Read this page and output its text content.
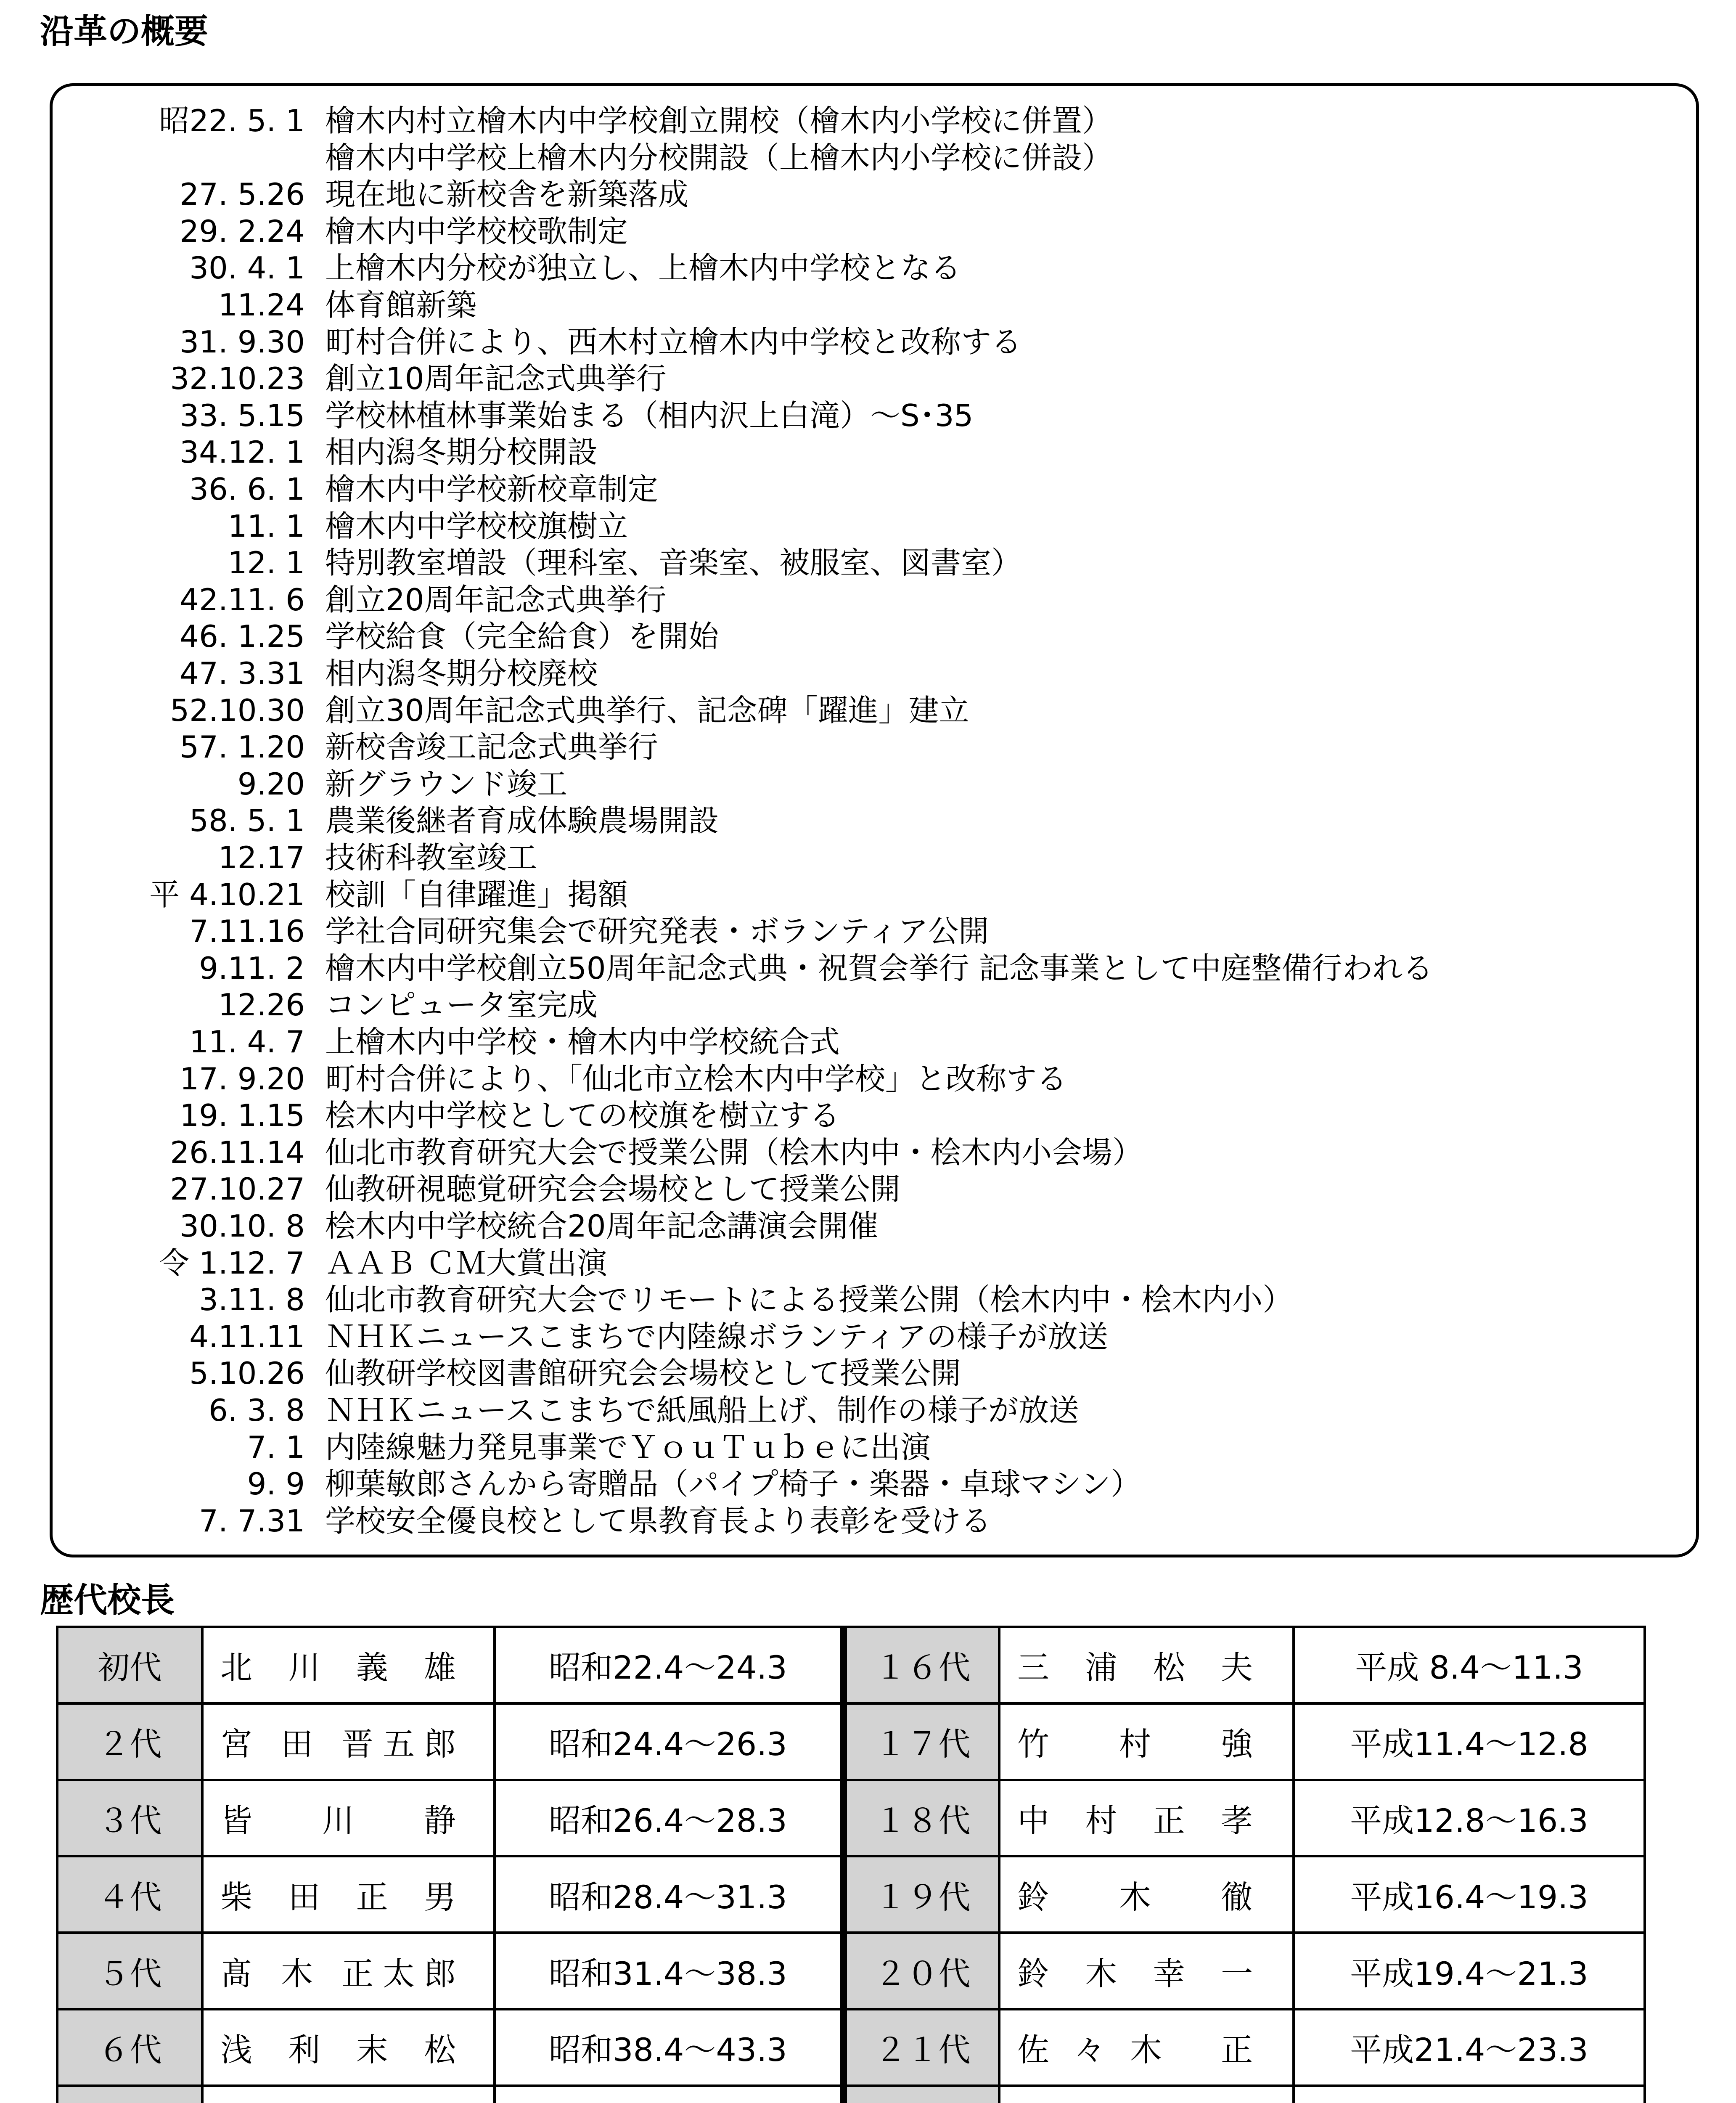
沿革の概要
昭22. 5. 1 檜木内村立檜木内中学校創立開校（檜木内小学校に併置）
檜木内中学校上檜木内分校開設（上檜木内小学校に併設）
27. 5.26 現在地に新校舎を新築落成
29. 2.24 檜木内中学校校歌制定
30. 4. 1 上檜木内分校が独立し、上檜木内中学校となる
11.24 体育館新築
31. 9.30 町村合併により、西木村立檜木内中学校と改称する
32.10.23 創立10周年記念式典挙行
33. 5.15 学校林植林事業始まる（相内沢上白滝）～S･35
34.12. 1 相内潟冬期分校開設
36. 6. 1 檜木内中学校新校章制定
11. 1 檜木内中学校校旗樹立
12. 1 特別教室増設（理科室、音楽室、被服室、図書室）
42.11. 6 創立20周年記念式典挙行
46. 1.25 学校給食（完全給食）を開始
47. 3.31 相内潟冬期分校廃校
52.10.30 創立30周年記念式典挙行、記念碑「躍進」建立
57. 1.20 新校舎竣工記念式典挙行
9.20 新グラウンド竣工
58. 5. 1 農業後継者育成体験農場開設
12.17 技術科教室竣工
平 4.10.21 校訓「自律躍進」掲額
7.11.16 学社合同研究集会で研究発表・ボランティア公開
9.11. 2 檜木内中学校創立50周年記念式典・祝賀会挙行 記念事業として中庭整備行われる
12.26 コンピュータ室完成
11. 4. 7 上檜木内中学校・檜木内中学校統合式
17. 9.20 町村合併により、「仙北市立桧木内中学校」と改称する
19. 1.15 桧木内中学校としての校旗を樹立する
26.11.14 仙北市教育研究大会で授業公開（桧木内中・桧木内小会場）
27.10.27 仙教研視聴覚研究会会場校として授業公開
30.10. 8 桧木内中学校統合20周年記念講演会開催
令 1.12. 7 ＡＡＢ ＣＭ大賞出演
3.11. 8 仙北市教育研究大会でリモートによる授業公開（桧木内中・桧木内小）
4.11.11 ＮＨＫニュースこまちで内陸線ボランティアの様子が放送
5.10.26 仙教研学校図書館研究会会場校として授業公開
6. 3. 8 ＮＨＫニュースこまちで紙風船上げ、制作の様子が放送
7. 1 内陸線魅力発見事業でＹｏｕＴｕｂｅに出演
9. 9 柳葉敏郎さんから寄贈品（パイプ椅子・楽器・卓球マシン）
7. 7.31 学校安全優良校として県教育長より表彰を受ける
歴代校長
初代	北 川 義 雄	昭和22.4～24.3	１６代	三 浦 松 夫	平成 8.4～11.3
２代	宮 田 晋五郎	昭和24.4～26.3	１７代	竹 村 強	平成11.4～12.8
３代	皆 川 静	昭和26.4～28.3	１８代	中 村 正 孝	平成12.8～16.3
４代	柴 田 正 男	昭和28.4～31.3	１９代	鈴 木 徹	平成16.4～19.3
５代	髙 木 正太郎	昭和31.4～38.3	２０代	鈴 木 幸 一	平成19.4～21.3
６代	浅 利 末 松	昭和38.4～43.3	２１代	佐々木 正	平成21.4～23.3
